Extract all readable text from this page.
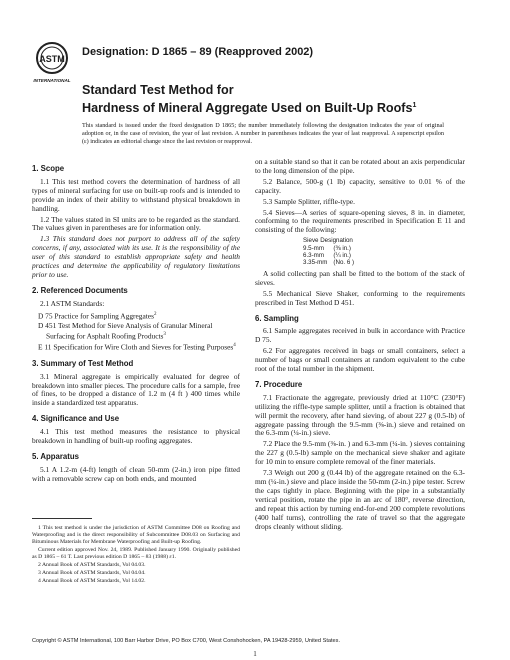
ASTM
INTERNATIONAL
Designation: D 1865 – 89 (Reapproved 2002)
Standard Test Method for
Hardness of Mineral Aggregate Used on Built-Up Roofs$^1$
This standard is issued under the fixed designation D 1865; the number immediately following the designation indicates the year of original adoption or, in the case of revision, the year of last revision. A number in parentheses indicates the year of last reapproval. A superscript epsilon (ε) indicates an editorial change since the last revision or reapproval.
1. Scope

1.1 This test method covers the determination of hardness of all types of mineral surfacing for use on built-up roofs and is intended to provide an index of their ability to withstand physical breakdown in handling.

1.2 The values stated in SI units are to be regarded as the standard. The values given in parentheses are for information only.

1.3 This standard does not purport to address all of the safety concerns, if any, associated with its use. It is the responsibility of the user of this standard to establish appropriate safety and health practices and determine the applicability of regulatory limitations prior to use.

2. Referenced Documents

2.1 ASTM Standards:

D 75 Practice for Sampling Aggregates$^2$
D 451 Test Method for Sieve Analysis of Granular Mineral Surfacing for Asphalt Roofing Products$^3$
E 11 Specification for Wire Cloth and Sieves for Testing Purposes$^4$
3. Summary of Test Method

3.1 Mineral aggregate is empirically evaluated for degree of breakdown into smaller pieces. The procedure calls for a sample, free of fines, to be dropped a distance of 1.2 m (4 ft ) 400 times while inside a standardized test apparatus.

4. Significance and Use

4.1 This test method measures the resistance to physical breakdown in handling of built-up roofing aggregates.

5. Apparatus

5.1 A 1.2-m (4-ft) length of clean 50-mm (2-in.) iron pipe fitted with a removable screw cap on both ends, and mounted

1 This test method is under the jurisdiction of ASTM Committee D08 on Roofing and Waterproofing and is the direct responsibility of Subcommittee D08.03 on Surfacing and Bituminous Materials for Membrane Waterproofing and Built-up Roofing.

Current edition approved Nov. 24, 1989. Published January 1990. Originally published as D 1865 – 61 T. Last previous edition D 1865 – 83 (1988) ε1.

2 Annual Book of ASTM Standards, Vol 04.03.

3 Annual Book of ASTM Standards, Vol 04.04.

4 Annual Book of ASTM Standards, Vol 14.02.

on a suitable stand so that it can be rotated about an axis perpendicular to the long dimension of the pipe.

5.2 Balance, 500-g (1 lb) capacity, sensitive to 0.01 % of the capacity.

5.3 Sample Splitter, riffle-type.

5.4 Sieves—A series of square-opening sieves, 8 in. in diameter, conforming to the requirements prescribed in Specification E 11 and consisting of the following:

Sieve Designation	
9.5-mm	(⅜ in.)
6.3-mm	(¼ in.)
3.35-mm	(No. 6 )

A solid collecting pan shall be fitted to the bottom of the stack of sieves.

5.5 Mechanical Sieve Shaker, conforming to the requirements prescribed in Test Method D 451.

6. Sampling

6.1 Sample aggregates received in bulk in accordance with Practice D 75.

6.2 For aggregates received in bags or small containers, select a number of bags or small containers at random equivalent to the cube root of the total number in the shipment.

7. Procedure

7.1 Fractionate the aggregate, previously dried at 110°C (230°F) utilizing the riffle-type sample splitter, until a fraction is obtained that will permit the recovery, after hand sieving, of about 227 g (0.5-lb) of aggregate passing through the 9.5-mm (⅜-in.) sieve and retained on the 6.3-mm (¼-in.) sieve.

7.2 Place the 9.5-mm (⅜-in. ) and 6.3-mm (¼-in. ) sieves containing the 227 g (0.5-lb) sample on the mechanical sieve shaker and agitate for 10 min to ensure complete removal of the finer materials.

7.3 Weigh out 200 g (0.44 lb) of the aggregate retained on the 6.3-mm (¼-in.) sieve and place inside the 50-mm (2-in.) pipe tester. Screw the caps tightly in place. Beginning with the pipe in a substantially vertical position, rotate the pipe in an arc of 180°, reverse direction, and repeat this action by turning end-for-end 200 complete revolutions (400 half turns), controlling the rate of travel so that the aggregate drops cleanly without sliding.

Copyright © ASTM International, 100 Barr Harbor Drive, PO Box C700, West Conshohocken, PA 19428-2959, United States.
1
